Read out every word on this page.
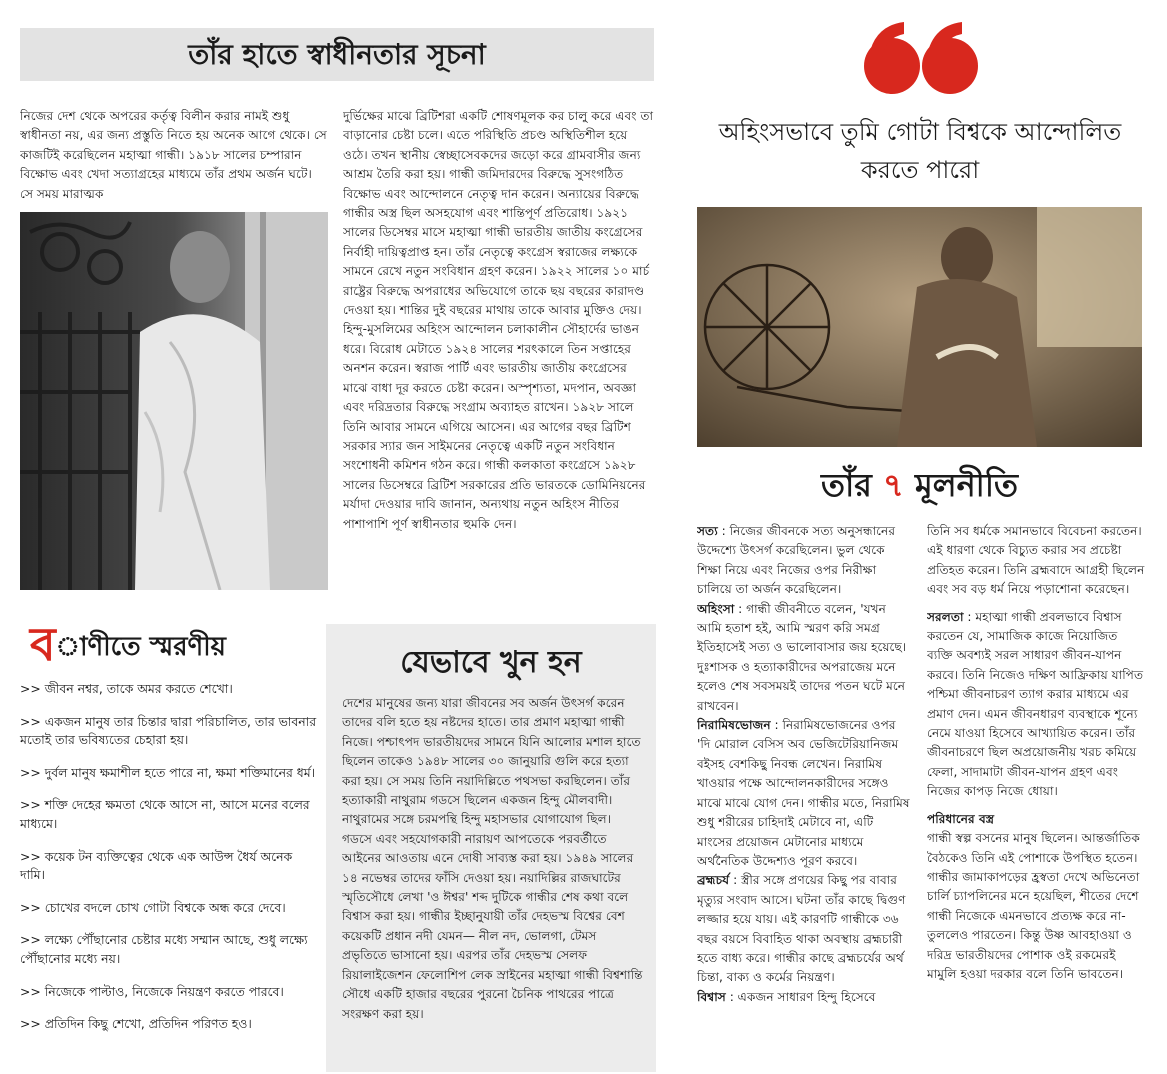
তাঁর হাতে স্বাধীনতার সূচনা
নিজের দেশ থেকে অপরের কর্তৃত্ব বিলীন করার নামই শুধু স্বাধীনতা নয়, এর জন্য প্রস্তুতি নিতে হয় অনেক আগে থেকে। সে কাজটিই করেছিলেন মহাত্মা গান্ধী। ১৯১৮ সালের চম্পারান বিক্ষোভ এবং খেদা সত্যাগ্রহের মাধ্যমে তাঁর প্রথম অর্জন ঘটে। সে সময় মারাত্মক
দুর্ভিক্ষের মাঝে ব্রিটিশরা একটি শোষণমূলক কর চালু করে এবং তা বাড়ানোর চেষ্টা চলে। এতে পরিস্থিতি প্রচণ্ড অস্থিতিশীল হয়ে ওঠে। তখন স্থানীয় স্বেচ্ছাসেবকদের জড়ো করে গ্রামবাসীর জন্য আশ্রম তৈরি করা হয়। গান্ধী জমিদারদের বিরুদ্ধে সুসংগঠিত বিক্ষোভ এবং আন্দোলনে নেতৃত্ব দান করেন। অন্যায়ের বিরুদ্ধে গান্ধীর অস্ত্র ছিল অসহযোগ এবং শান্তিপূর্ণ প্রতিরোধ। ১৯২১ সালের ডিসেম্বর মাসে মহাত্মা গান্ধী ভারতীয় জাতীয় কংগ্রেসের নির্বাহী দায়িত্বপ্রাপ্ত হন। তাঁর নেতৃত্বে কংগ্রেস স্বরাজের লক্ষ্যকে সামনে রেখে নতুন সংবিধান গ্রহণ করেন। ১৯২২ সালের ১০ মার্চ রাষ্ট্রের বিরুদ্ধে অপরাধের অভিযোগে তাকে ছয় বছরের কারাদণ্ড দেওয়া হয়। শান্তির দুই বছরের মাথায় তাকে আবার মুক্তিও দেয়। হিন্দু-মুসলিমের অহিংস আন্দোলন চলাকালীন সৌহার্দের ভাঙন ধরে। বিরোধ মেটাতে ১৯২৪ সালের শরৎকালে তিন সপ্তাহের অনশন করেন। স্বরাজ পার্টি এবং ভারতীয় জাতীয় কংগ্রেসের মাঝে বাধা দূর করতে চেষ্টা করেন। অস্পৃশ্যতা, মদপান, অবজ্ঞা এবং দরিদ্রতার বিরুদ্ধে সংগ্রাম অব্যাহত রাখেন। ১৯২৮ সালে তিনি আবার সামনে এগিয়ে আসেন। এর আগের বছর ব্রিটিশ সরকার স্যার জন সাইমনের নেতৃত্বে একটি নতুন সংবিধান সংশোধনী কমিশন গঠন করে। গান্ধী কলকাতা কংগ্রেসে ১৯২৮ সালের ডিসেম্বরে ব্রিটিশ সরকারের প্রতি ভারতকে ডোমিনিয়নের মর্যাদা দেওয়ার দাবি জানান, অন্যথায় নতুন অহিংস নীতির পাশাপাশি পূর্ণ স্বাধীনতার হুমকি দেন।
বাণীতে স্মরণীয়
>> জীবন নশ্বর, তাকে অমর করতে শেখো।
>> একজন মানুষ তার চিন্তার দ্বারা পরিচালিত, তার ভাবনার মতোই তার ভবিষ্যতের চেহারা হয়।
>> দুর্বল মানুষ ক্ষমাশীল হতে পারে না, ক্ষমা শক্তিমানের ধর্ম।
>> শক্তি দেহের ক্ষমতা থেকে আসে না, আসে মনের বলের মাধ্যমে।
>> কয়েক টন ব্যক্তিত্বের থেকে এক আউন্স ধৈর্য অনেক দামি।
>> চোখের বদলে চোখ গোটা বিশ্বকে অন্ধ করে দেবে।
>> লক্ষ্যে পৌঁছানোর চেষ্টার মধ্যে সম্মান আছে, শুধু লক্ষ্যে পৌঁছানোর মধ্যে নয়।
>> নিজেকে পাল্টাও, নিজেকে নিয়ন্ত্রণ করতে পারবে।
>> প্রতিদিন কিছু শেখো, প্রতিদিন পরিণত হও।
যেভাবে খুন হন
দেশের মানুষের জন্য যারা জীবনের সব অর্জন উৎসর্গ করেন তাদের বলি হতে হয় নষ্টদের হাতে। তার প্রমাণ মহাত্মা গান্ধী নিজে। পশ্চাৎপদ ভারতীয়দের সামনে যিনি আলোর মশাল হাতে ছিলেন তাকেও ১৯৪৮ সালের ৩০ জানুয়ারি গুলি করে হত্যা করা হয়। সে সময় তিনি নয়াদিল্লিতে পথসভা করছিলেন। তাঁর হত্যাকারী নাথুরাম গডসে ছিলেন একজন হিন্দু মৌলবাদী। নাথুরামের সঙ্গে চরমপন্থি হিন্দু মহাসভার যোগাযোগ ছিল। গডসে এবং সহযোগকারী নারায়ণ আপতেকে পরবর্তীতে আইনের আওতায় এনে দোষী সাব্যস্ত করা হয়। ১৯৪৯ সালের ১৪ নভেম্বর তাদের ফাঁসি দেওয়া হয়। নয়াদিল্লির রাজঘাটের স্মৃতিসৌধে লেখা 'ও ঈশ্বর' শব্দ দুটিকে গান্ধীর শেষ কথা বলে বিশ্বাস করা হয়। গান্ধীর ইচ্ছানুযায়ী তাঁর দেহভস্ম বিশ্বের বেশ কয়েকটি প্রধান নদী যেমন— নীল নদ, ভোলগা, টেমস প্রভৃতিতে ভাসানো হয়। এরপর তাঁর দেহভস্ম সেলফ রিয়ালাইজেশন ফেলোশিপ লেক স্রাইনের মহাত্মা গান্ধী বিশ্বশান্তি সৌধে একটি হাজার বছরের পুরনো চৈনিক পাথরের পাত্রে সংরক্ষণ করা হয়।
অহিংসভাবে তুমি গোটা বিশ্বকে আন্দোলিত করতে পারো
তাঁর ৭ মূলনীতি

সত্য : নিজের জীবনকে সত্য অনুসন্ধানের উদ্দেশ্যে উৎসর্গ করেছিলেন। ভুল থেকে শিক্ষা নিয়ে এবং নিজের ওপর নিরীক্ষা চালিয়ে তা অর্জন করেছিলেন।

অহিংসা : গান্ধী জীবনীতে বলেন, 'যখন আমি হতাশ হই, আমি স্মরণ করি সমগ্র ইতিহাসেই সত্য ও ভালোবাসার জয় হয়েছে। দুঃশাসক ও হত্যাকারীদের অপরাজেয় মনে হলেও শেষ সবসময়ই তাদের পতন ঘটে মনে রাখবেন।

নিরামিষভোজন : নিরামিষভোজনের ওপর 'দি মোরাল বেসিস অব ভেজিটেরিয়ানিজম বইসহ বেশকিছু নিবন্ধ লেখেন। নিরামিষ খাওয়ার পক্ষে আন্দোলনকারীদের সঙ্গেও মাঝে মাঝে যোগ দেন। গান্ধীর মতে, নিরামিষ শুধু শরীরের চাহিদাই মেটাবে না, এটি মাংসের প্রয়োজন মেটানোর মাধ্যমে অর্থনৈতিক উদ্দেশ্যও পূরণ করবে।

ব্রহ্মচর্য : স্ত্রীর সঙ্গে প্রণয়ের কিছু পর বাবার মৃত্যুর সংবাদ আসে। ঘটনা তাঁর কাছে দ্বিগুণ লজ্জার হয়ে যায়। এই কারণটি গান্ধীকে ৩৬ বছর বয়সে বিবাহিত থাকা অবস্থায় ব্রহ্মচারী হতে বাধ্য করে। গান্ধীর কাছে ব্রহ্মচর্যের অর্থ চিন্তা, বাক্য ও কর্মের নিয়ন্ত্রণ।

বিশ্বাস : একজন সাধারণ হিন্দু হিসেবে

তিনি সব ধর্মকে সমানভাবে বিবেচনা করতেন। এই ধারণা থেকে বিচ্যুত করার সব প্রচেষ্টা প্রতিহত করেন। তিনি ব্রহ্মবাদে আগ্রহী ছিলেন এবং সব বড় ধর্ম নিয়ে পড়াশোনা করেছেন।

সরলতা : মহাত্মা গান্ধী প্রবলভাবে বিশ্বাস করতেন যে, সামাজিক কাজে নিয়োজিত ব্যক্তি অবশ্যই সরল সাধারণ জীবন-যাপন করবে। তিনি নিজেও দক্ষিণ আফ্রিকায় যাপিত পশ্চিমা জীবনাচরণ ত্যাগ করার মাধ্যমে এর প্রমাণ দেন। এমন জীবনধারণ ব্যবস্থাকে শূন্যে নেমে যাওয়া হিসেবে আখ্যায়িত করেন। তাঁর জীবনাচরণে ছিল অপ্রয়োজনীয় খরচ কমিয়ে ফেলা, সাদামাটা জীবন-যাপন গ্রহণ এবং নিজের কাপড় নিজে ধোয়া।

পরিধানের বস্ত্র

গান্ধী স্বল্প বসনের মানুষ ছিলেন। আন্তর্জাতিক বৈঠকেও তিনি এই পোশাকে উপস্থিত হতেন। গান্ধীর জামাকাপড়ের হ্রস্বতা দেখে অভিনেতা চার্লি চ্যাপলিনের মনে হয়েছিল, শীতের দেশে গান্ধী নিজেকে এমনভাবে প্রত্যক্ষ করে না-তুললেও পারতেন। কিন্তু উষ্ণ আবহাওয়া ও দরিদ্র ভারতীয়দের পোশাক ওই রকমেরই মামুলি হওয়া দরকার বলে তিনি ভাবতেন।
